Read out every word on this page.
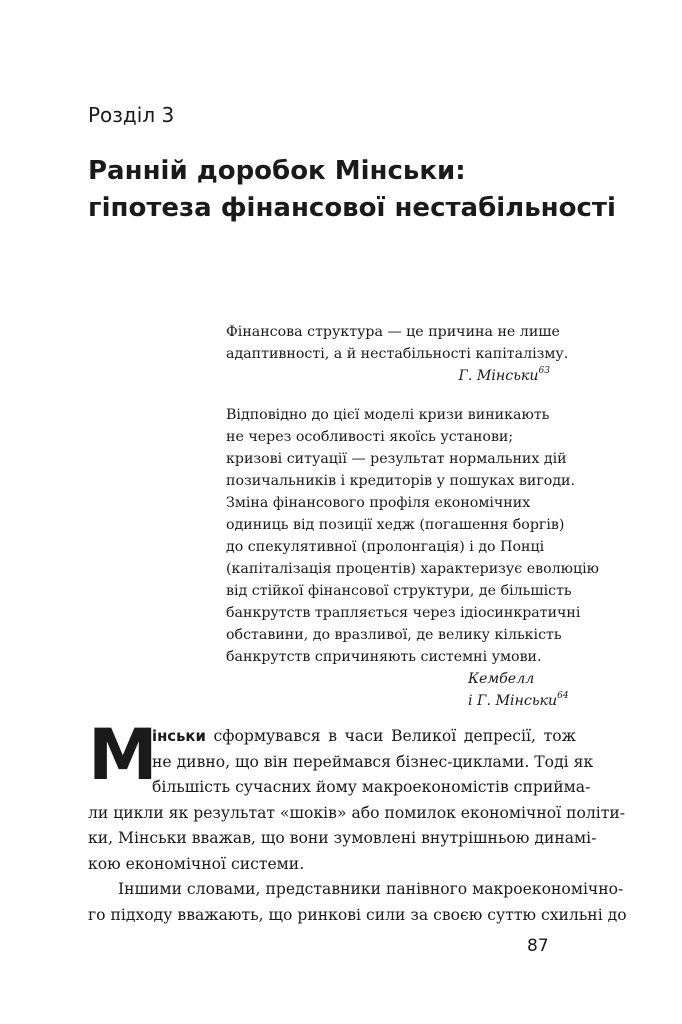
Розділ 3
Ранній доробок Мінськи:
гіпотеза фінансової нестабільності
Фінансова структура — це причина не лише
адаптивності, а й нестабільності капіталізму.
Г. Мінськи$^{63}$
Відповідно до цієї моделі кризи виникають
не через особливості якоїсь установи;
кризові ситуації — результат нормальних дій
позичальників і кредиторів у пошуках вигоди.
Зміна фінансового профіля економічних
одиниць від позиції хедж (погашення боргів)
до спекулятивної (пролонгація) і до Понці
(капіталізація процентів) характеризує еволюцію
від стійкої фінансової структури, де більшість
банкрутств трапляється через ідіосинкратичні
обставини, до вразливої, де велику кількість
банкрутств спричиняють системні умови.
Кембелл
і Г. Мінськи$^{64}$
М
інськи сформувався в часи Великої депресії, тож
не дивно, що він переймався бізнес-циклами. Тоді як
більшість сучасних йому макроекономістів сприйма-
ли цикли як результат «шоків» або помилок економічної політи-
ки, Мінськи вважав, що вони зумовлені внутрішньою динамі-
кою економічної системи.
Іншими словами, представники панівного макроекономічно-
го підходу вважають, що ринкові сили за своєю суттю схильні до
87
